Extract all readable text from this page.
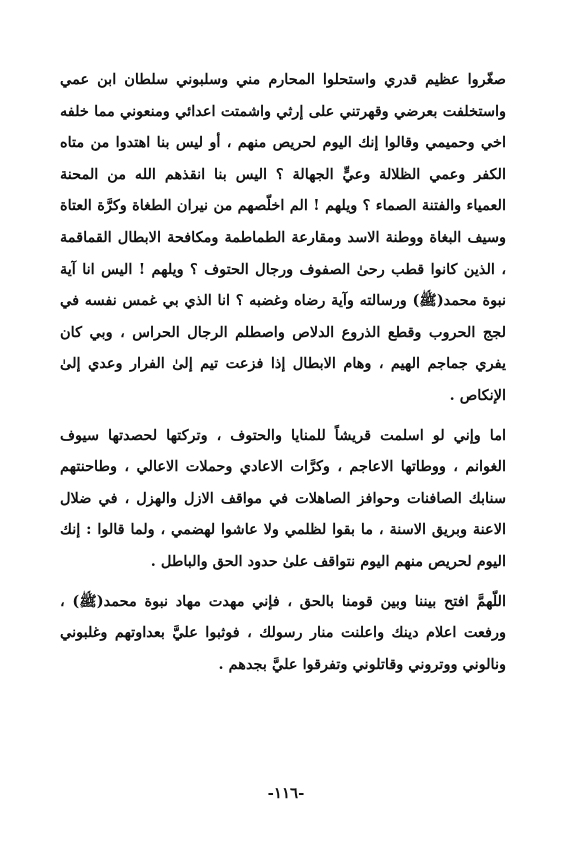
صغّروا عظيم قدري واستحلوا المحارم مني وسلبوني سلطان ابن عمي واستخلفت بعرضي وقهرتني على إرثي واشمتت اعدائي ومنعوني مما خلفه اخي وحميمي وقالوا إنك اليوم لحريص منهم ، أو ليس بنا اهتدوا من متاه الكفر وعمي الظلالة وعيٍّ الجهالة ؟ اليس بنا انقذهم الله من المحنة العمياء والفتنة الصماء ؟ ويلهم ! الم اخلّصهم من نيران الطغاة وكرَّة العتاة وسيف البغاة ووطنة الاسد ومقارعة الطماطمة ومكافحة الابطال القماقمة ، الذين كانوا قطب رحىٰ الصفوف ورجال الحتوف ؟ ويلهم ! اليس انا آية نبوة محمد(ﷺ) ورسالته وآية رضاه وغضبه ؟ انا الذي بي غمس نفسه في لجج الحروب وقطع الذروع الدلاص واصطلم الرجال الحراس ، وبي كان يفري جماجم الهيم ، وهام الابطال إذا فزعت تيم إلىٰ الفرار وعدي إلىٰ الإنكاص .

اما وإني لو اسلمت قريشاً للمنايا والحتوف ، وتركتها لحصدتها سيوف الغوانم ، ووطاتها الاعاجم ، وكرَّات الاعادي وحملات الاعالي ، وطاحنتهم سنابك الصافنات وحوافز الصاهلات في مواقف الازل والهزل ، في ضلال الاعنة وبريق الاسنة ، ما بقوا لظلمي ولا عاشوا لهضمي ، ولما قالوا : إنك اليوم لحريص منهم اليوم نتواقف علىٰ حدود الحق والباطل .

اللّهمَّ افتح بيننا وبين قومنا بالحق ، فإني مهدت مهاد نبوة محمد(ﷺ) ، ورفعت اعلام دينك واعلنت منار رسولك ، فوثبوا عليَّ بعداوتهم وغلبوني ونالوني ووتروني وقاتلوني وتفرقوا عليَّ بجدهم .

-١١٦-
